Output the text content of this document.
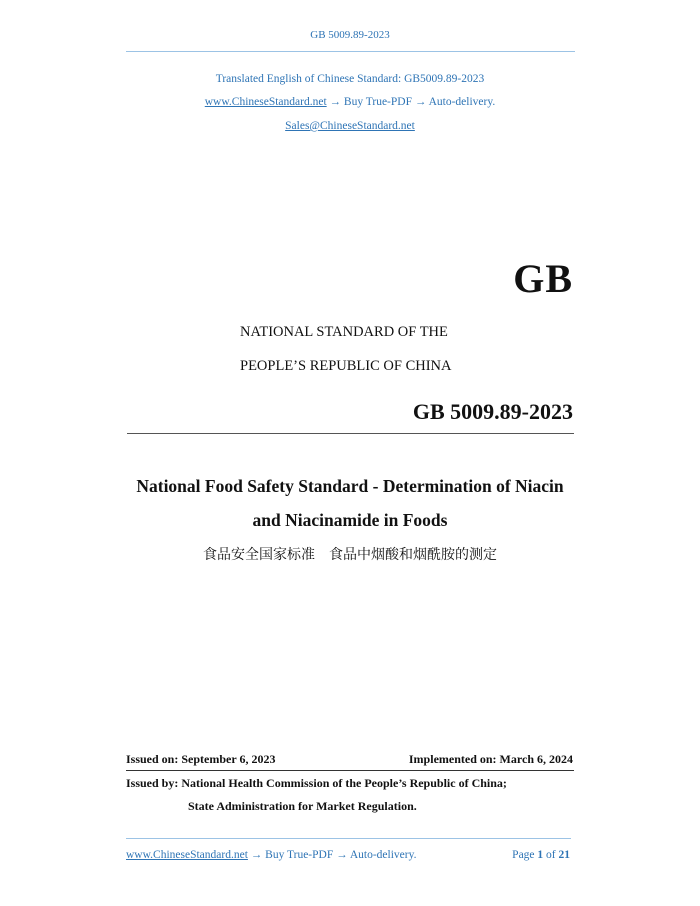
GB 5009.89-2023
Translated English of Chinese Standard: GB5009.89-2023
www.ChineseStandard.net → Buy True-PDF → Auto-delivery.
Sales@ChineseStandard.net
GB
NATIONAL STANDARD OF THE
PEOPLE’S REPUBLIC OF CHINA
GB 5009.89-2023
National Food Safety Standard - Determination of Niacin
and Niacinamide in Foods
食品安全国家标准 食品中烟酸和烟酰胺的测定
Issued on: September 6, 2023	Implemented on: March 6, 2024
Issued by: National Health Commission of the People’s Republic of China;
State Administration for Market Regulation.
www.ChineseStandard.net → Buy True-PDF → Auto-delivery.	Page 1 of 21
